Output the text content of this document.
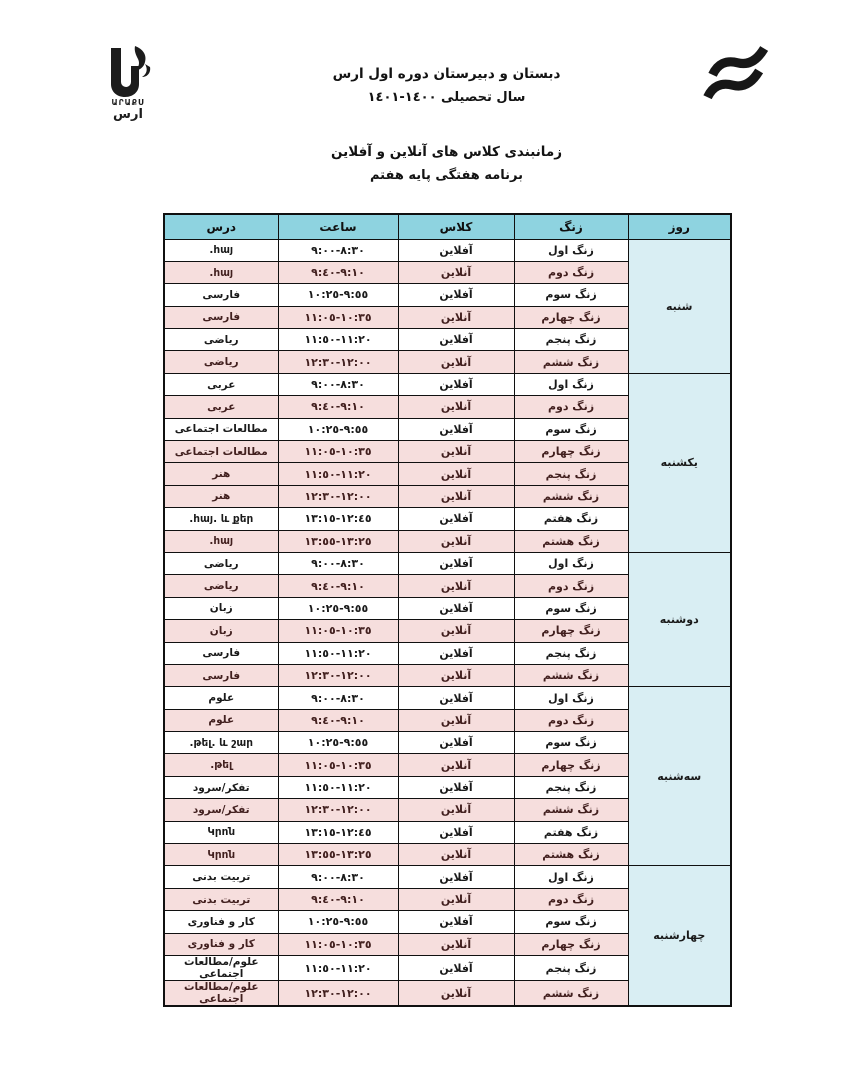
ԱՐԱՔՍ
ارس
دبستان و دبیرستان دوره اول ارس
سال تحصیلی ١٤٠٠-١٤٠١
زمانبندی کلاس های آنلاین و آفلاین
برنامه هفتگی پایه هفتم
روز	زنگ	کلاس	ساعت	درس
شنبه	زنگ اول	آفلاین	٨:٣٠-٩:٠٠	հայ.
	زنگ دوم	آنلاین	٩:١٠-٩:٤٠	հայ.
	زنگ سوم	آفلاین	٩:٥٥-١٠:٢٥	فارسی
	زنگ چهارم	آنلاین	١٠:٣٥-١١:٠٥	فارسی
	زنگ پنجم	آفلاین	١١:٢٠-١١:٥٠	ریاضی
	زنگ ششم	آنلاین	١٢:٠٠-١٢:٣٠	ریاضی
یکشنبه	زنگ اول	آفلاین	٨:٣٠-٩:٠٠	عربی
	زنگ دوم	آنلاین	٩:١٠-٩:٤٠	عربی
	زنگ سوم	آفلاین	٩:٥٥-١٠:٢٥	مطالعات اجتماعی
	زنگ چهارم	آنلاین	١٠:٣٥-١١:٠٥	مطالعات اجتماعی
	زنگ پنجم	آنلاین	١١:٢٠-١١:٥٠	هنر
	زنگ ششم	آنلاین	١٢:٠٠-١٢:٣٠	هنر
	زنگ هفتم	آفلاین	١٢:٤٥-١٣:١٥	հայ. և քեր.
	زنگ هشتم	آنلاین	١٣:٢٥-١٣:٥٥	հայ.
دوشنبه	زنگ اول	آفلاین	٨:٣٠-٩:٠٠	ریاضی
	زنگ دوم	آنلاین	٩:١٠-٩:٤٠	ریاضی
	زنگ سوم	آفلاین	٩:٥٥-١٠:٢٥	زبان
	زنگ چهارم	آنلاین	١٠:٣٥-١١:٠٥	زبان
	زنگ پنجم	آفلاین	١١:٢٠-١١:٥٠	فارسی
	زنگ ششم	آنلاین	١٢:٠٠-١٢:٣٠	فارسی
سه‌شنبه	زنگ اول	آفلاین	٨:٣٠-٩:٠٠	علوم
	زنگ دوم	آنلاین	٩:١٠-٩:٤٠	علوم
	زنگ سوم	آفلاین	٩:٥٥-١٠:٢٥	թել. և շար.
	زنگ چهارم	آنلاین	١٠:٣٥-١١:٠٥	թել.
	زنگ پنجم	آفلاین	١١:٢٠-١١:٥٠	تفکر/سرود
	زنگ ششم	آنلاین	١٢:٠٠-١٢:٣٠	تفکر/سرود
	زنگ هفتم	آفلاین	١٢:٤٥-١٣:١٥	Կրոն
	زنگ هشتم	آنلاین	١٣:٢٥-١٣:٥٥	Կրոն
چهارشنبه	زنگ اول	آفلاین	٨:٣٠-٩:٠٠	تربیت بدنی
	زنگ دوم	آنلاین	٩:١٠-٩:٤٠	تربیت بدنی
	زنگ سوم	آفلاین	٩:٥٥-١٠:٢٥	کار و فناوری
	زنگ چهارم	آنلاین	١٠:٣٥-١١:٠٥	کار و فناوری
	زنگ پنجم	آفلاین	١١:٢٠-١١:٥٠	علوم/مطالعات اجتماعی
	زنگ ششم	آنلاین	١٢:٠٠-١٢:٣٠	علوم/مطالعات اجتماعی
